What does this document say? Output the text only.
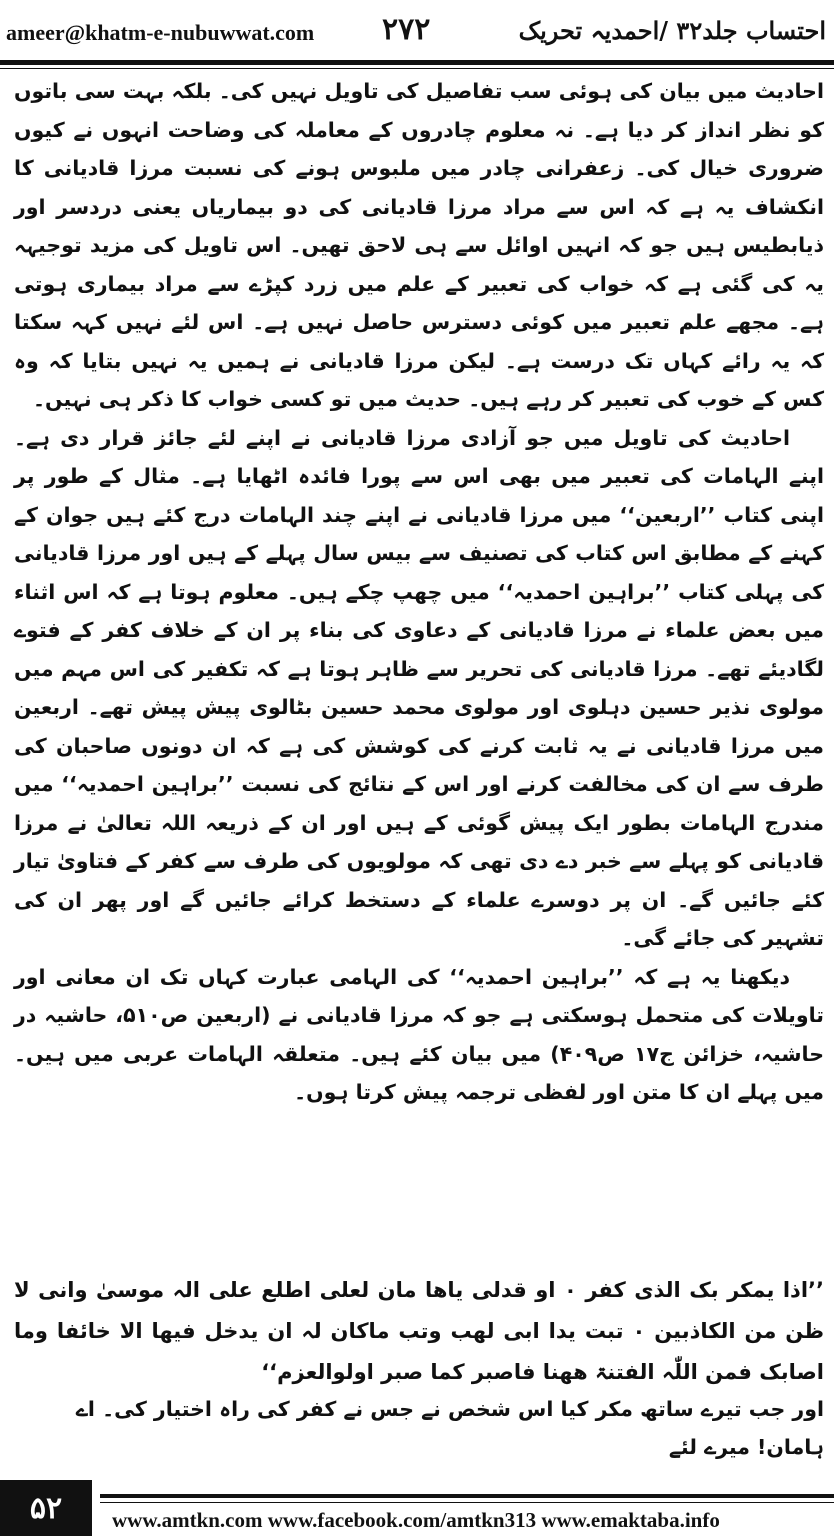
ameer@khatm-e-nubuwwat.com ۲۷۲	احتساب جلد۳۲ /احمدیہ تحریک

احادیث میں بیان کی ہوئی سب تفاصیل کی تاویل نہیں کی۔ بلکہ بہت سی باتوں کو نظر انداز کر دیا ہے۔ نہ معلوم چادروں کے معاملہ کی وضاحت انہوں نے کیوں ضروری خیال کی۔ زعفرانی چادر میں ملبوس ہونے کی نسبت مرزا قادیانی کا انکشاف یہ ہے کہ اس سے مراد مرزا قادیانی کی دو بیماریاں یعنی دردسر اور ذیابطیس ہیں جو کہ انہیں اوائل سے ہی لاحق تھیں۔ اس تاویل کی مزید توجیہہ یہ کی گئی ہے کہ خواب کی تعبیر کے علم میں زرد کپڑے سے مراد بیماری ہوتی ہے۔ مجھے علم تعبیر میں کوئی دسترس حاصل نہیں ہے۔ اس لئے نہیں کہہ سکتا کہ یہ رائے کہاں تک درست ہے۔ لیکن مرزا قادیانی نے ہمیں یہ نہیں بتایا کہ وہ کس کے خوب کی تعبیر کر رہے ہیں۔ حدیث میں تو کسی خواب کا ذکر ہی نہیں۔

احادیث کی تاویل میں جو آزادی مرزا قادیانی نے اپنے لئے جائز قرار دی ہے۔ اپنے الہامات کی تعبیر میں بھی اس سے پورا فائدہ اٹھایا ہے۔ مثال کے طور پر اپنی کتاب ’’اربعین‘‘ میں مرزا قادیانی نے اپنے چند الہامات درج کئے ہیں جوان کے کہنے کے مطابق اس کتاب کی تصنیف سے بیس سال پہلے کے ہیں اور مرزا قادیانی کی پہلی کتاب ’’براہین احمدیہ‘‘ میں چھپ چکے ہیں۔ معلوم ہوتا ہے کہ اس اثناء میں بعض علماء نے مرزا قادیانی کے دعاوی کی بناء پر ان کے خلاف کفر کے فتوے لگادیئے تھے۔ مرزا قادیانی کی تحریر سے ظاہر ہوتا ہے کہ تکفیر کی اس مہم میں مولوی نذیر حسین دہلوی اور مولوی محمد حسین بٹالوی پیش پیش تھے۔ اربعین میں مرزا قادیانی نے یہ ثابت کرنے کی کوشش کی ہے کہ ان دونوں صاحبان کی طرف سے ان کی مخالفت کرنے اور اس کے نتائج کی نسبت ’’براہین احمدیہ‘‘ میں مندرج الہامات بطور ایک پیش گوئی کے ہیں اور ان کے ذریعہ اللہ تعالیٰ نے مرزا قادیانی کو پہلے سے خبر دے دی تھی کہ مولویوں کی طرف سے کفر کے فتاویٰ تیار کئے جائیں گے۔ ان پر دوسرے علماء کے دستخط کرائے جائیں گے اور پھر ان کی تشہیر کی جائے گی۔

دیکھنا یہ ہے کہ ’’براہین احمدیہ‘‘ کی الہامی عبارت کہاں تک ان معانی اور تاویلات کی متحمل ہوسکتی ہے جو کہ مرزا قادیانی نے (اربعین ص۵۱۰، حاشیہ در حاشیہ، خزائن ج۱۷ ص۴۰۹) میں بیان کئے ہیں۔ متعلقہ الہامات عربی میں ہیں۔ میں پہلے ان کا متن اور لفظی ترجمہ پیش کرتا ہوں۔

’’اذا یمکر بک الذی کفر ۰ او قدلی یاھا مان لعلی اطلع علی الہ موسیٰ وانی لا ظن من الکاذبین ۰ تبت یدا ابی لھب وتب ماکان لہ ان یدخل فیھا الا خائفا وما اصابک فمن اللّٰہ الفتنۃ ھھنا فاصبر کما صبر اولوالعزم‘‘
اور جب تیرے ساتھ مکر کیا اس شخص نے جس نے کفر کی راہ اختیار کی۔ اے ہامان! میرے لئے
۵۲	www.amtkn.com www.facebook.com/amtkn313 www.emaktaba.info
